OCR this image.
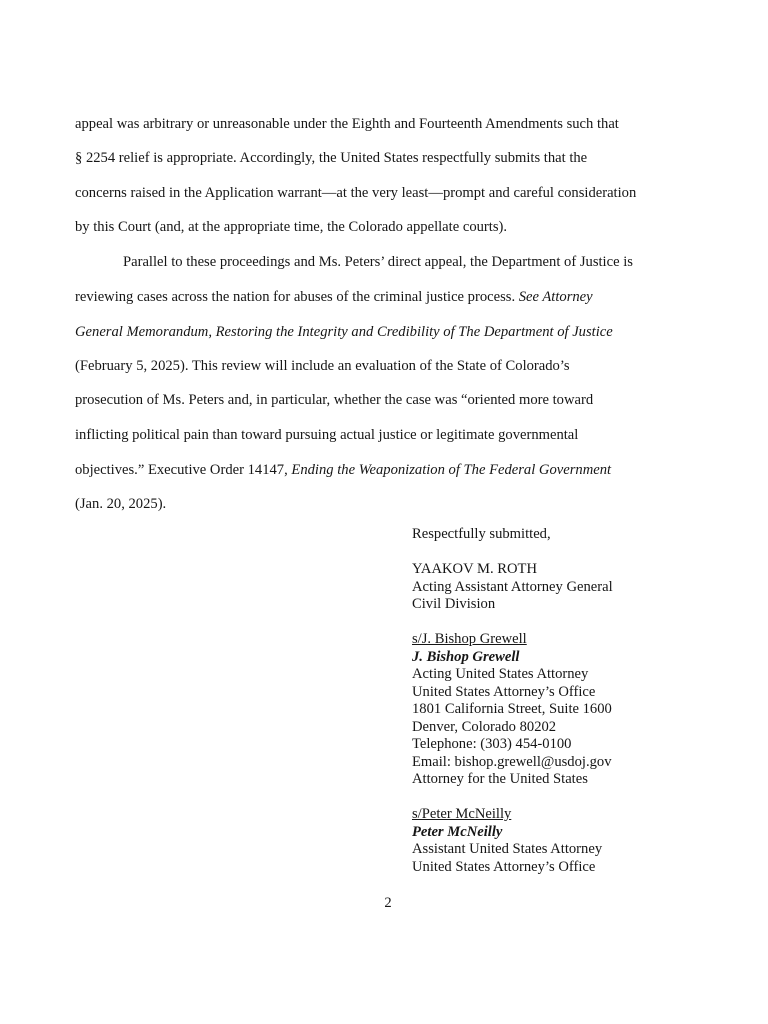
appeal was arbitrary or unreasonable under the Eighth and Fourteenth Amendments such that
§ 2254 relief is appropriate. Accordingly, the United States respectfully submits that the
concerns raised in the Application warrant—at the very least—prompt and careful consideration
by this Court (and, at the appropriate time, the Colorado appellate courts).
Parallel to these proceedings and Ms. Peters’ direct appeal, the Department of Justice is
reviewing cases across the nation for abuses of the criminal justice process. See Attorney
General Memorandum, Restoring the Integrity and Credibility of The Department of Justice
(February 5, 2025). This review will include an evaluation of the State of Colorado’s
prosecution of Ms. Peters and, in particular, whether the case was “oriented more toward
inflicting political pain than toward pursuing actual justice or legitimate governmental
objectives.” Executive Order 14147, Ending the Weaponization of The Federal Government
(Jan. 20, 2025).
Respectfully submitted,
YAAKOV M. ROTH
Acting Assistant Attorney General
Civil Division
s/J. Bishop Grewell
J. Bishop Grewell
Acting United States Attorney
United States Attorney’s Office
1801 California Street, Suite 1600
Denver, Colorado 80202
Telephone: (303) 454-0100
Email: bishop.grewell@usdoj.gov
Attorney for the United States
s/Peter McNeilly
Peter McNeilly
Assistant United States Attorney
United States Attorney’s Office
2
